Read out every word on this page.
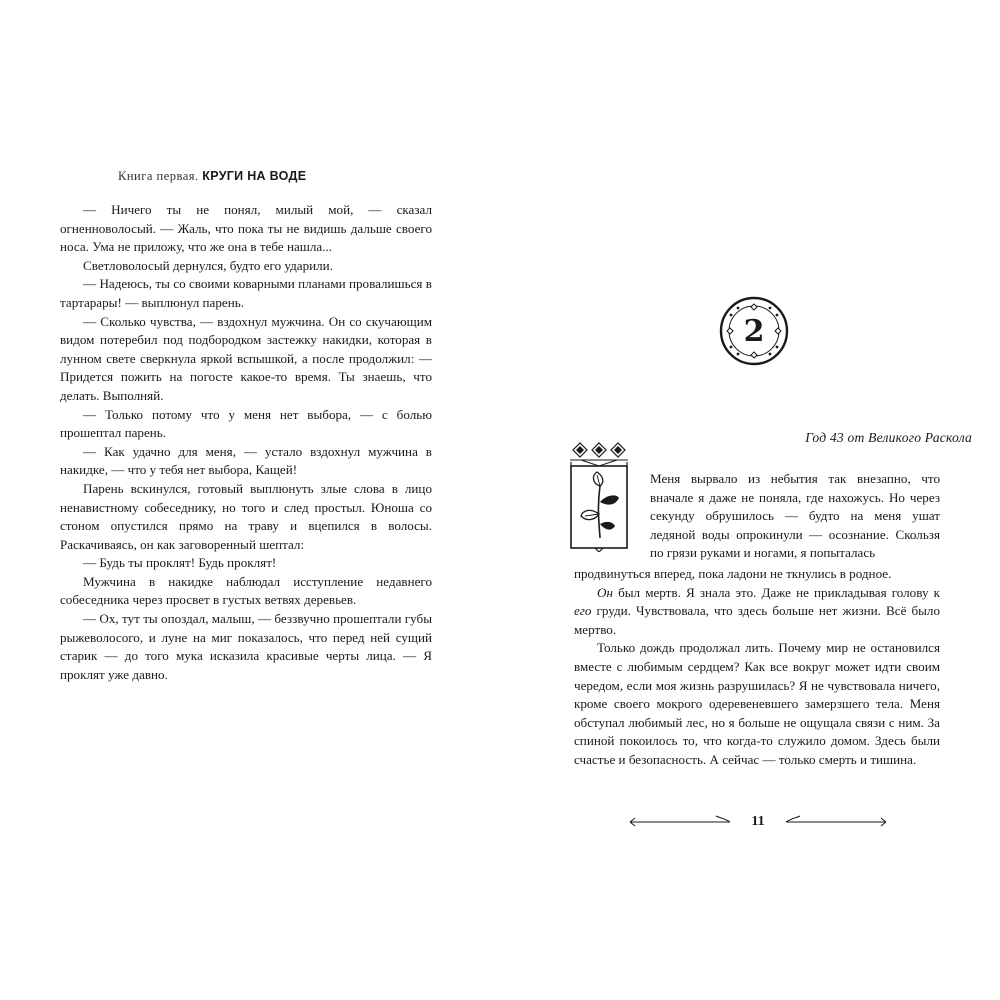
Книга первая. КРУГИ НА ВОДЕ

— Ничего ты не понял, милый мой, — сказал огненноволосый. — Жаль, что пока ты не видишь дальше своего носа. Ума не приложу, что же она в тебе нашла...

Светловолосый дернулся, будто его ударили.

— Надеюсь, ты со своими коварными планами провалишься в тартарары! — выплюнул парень.

— Сколько чувства, — вздохнул мужчина. Он со скучающим видом потеребил под подбородком застежку накидки, которая в лунном свете сверкнула яркой вспышкой, а после продолжил: — Придется пожить на погосте какое-то время. Ты знаешь, что делать. Выполняй.

— Только потому что у меня нет выбора, — с болью прошептал парень.

— Как удачно для меня, — устало вздохнул мужчина в накидке, — что у тебя нет выбора, Кащей!

Парень вскинулся, готовый выплюнуть злые слова в лицо ненавистному собеседнику, но того и след простыл. Юноша со стоном опустился прямо на траву и вцепился в волосы. Раскачиваясь, он как заговоренный шептал:

— Будь ты проклят! Будь проклят!

Мужчина в накидке наблюдал исступление недавнего собеседника через просвет в густых ветвях деревьев.

— Ох, тут ты опоздал, малыш, — беззвучно прошептали губы рыжеволосого, и луне на миг показалось, что перед ней сущий старик — до того мука исказила красивые черты лица. — Я проклят уже давно.

2
Год 43 от Великого Раскола

Меня вырвало из небытия так внезапно, что вначале я даже не поняла, где нахожусь. Но через секунду обрушилось — будто на меня ушат ледяной воды опрокинули — осознание. Скользя по грязи руками и ногами, я попыталась

продвинуться вперед, пока ладони не ткнулись в родное.

Он был мертв. Я знала это. Даже не прикладывая голову к его груди. Чувствовала, что здесь больше нет жизни. Всё было мертво.

Только дождь продолжал лить. Почему мир не остановился вместе с любимым сердцем? Как все вокруг может идти своим чередом, если моя жизнь разрушилась? Я не чувствовала ничего, кроме своего мокрого одеревеневшего замерзшего тела. Меня обступал любимый лес, но я больше не ощущала связи с ним. За спиной покоилось то, что когда-то служило домом. Здесь были счастье и безопасность. А сейчас — только смерть и тишина.

11
